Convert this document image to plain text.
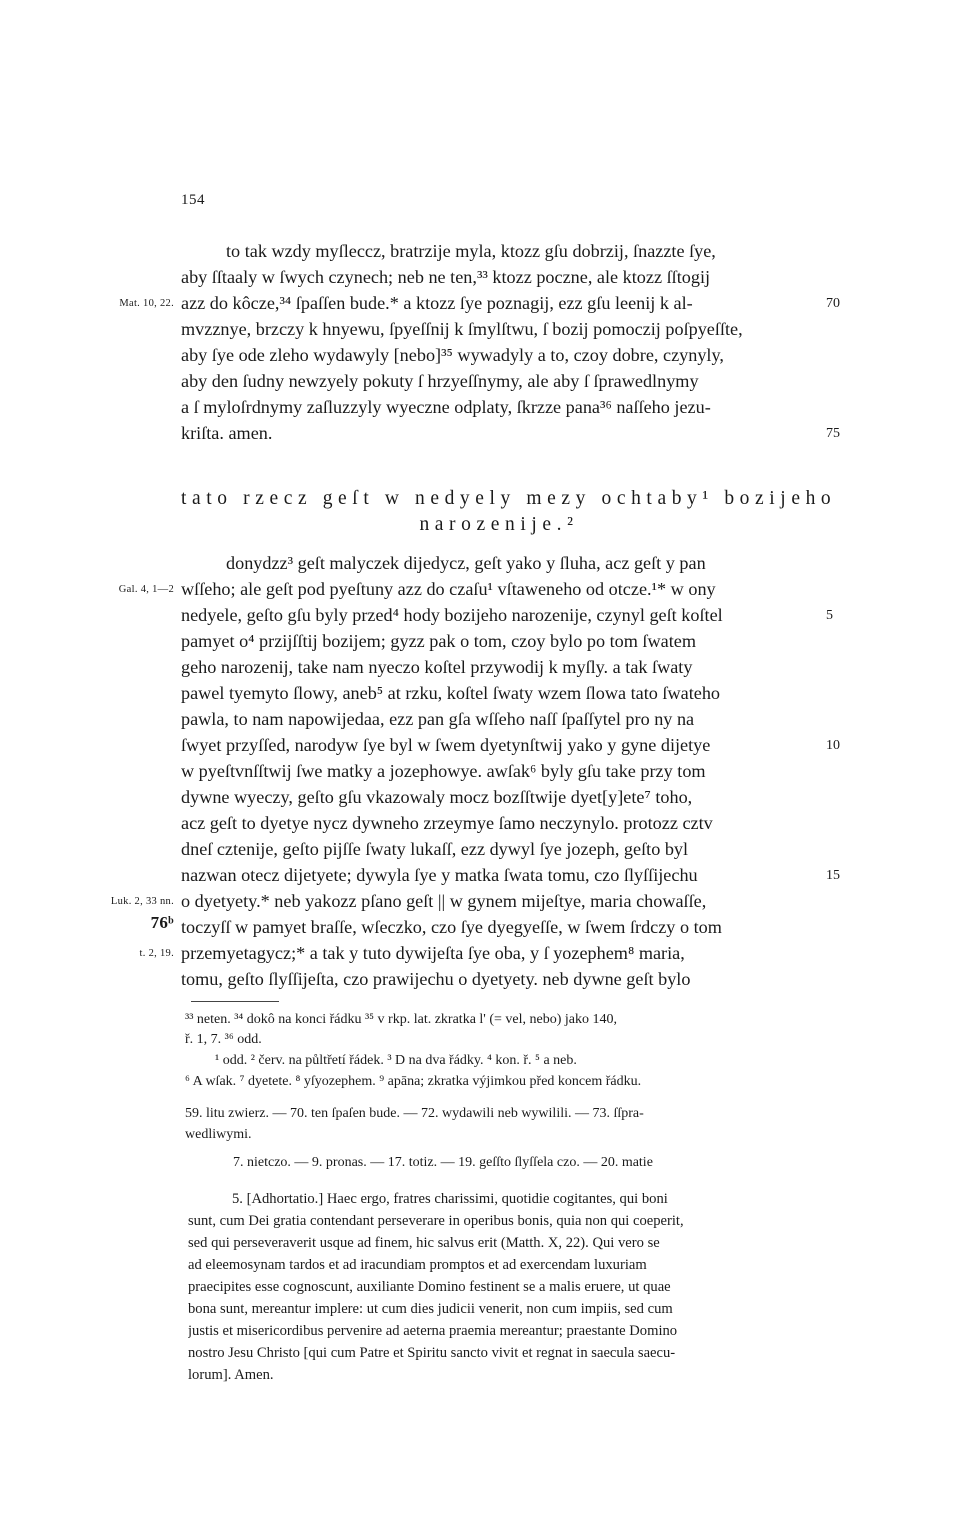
154
to tak wzdy myſleccz, bratrzije myla, ktozz gſu dobrzij, ſnazzte ſye,
aby ſſtaaly w ſwych czynech; neb ne ten,³³ ktozz poczne, ale ktozz ſſtogij
azz do kôcze,³⁴ ſpaſſen bude.* a ktozz ſye poznagij, ezz gſu leenij k al-
mvzznye, brzczy k hnyewu, ſpyeſſnij k ſmylſtwu, ſ bozij pomoczij poſpyeſſte,
aby ſye ode zleho wydawyly [nebo]³⁵ wywadyly a to, czoy dobre, czynyly,
aby den ſudny newzyely pokuty ſ hrzyeſſnymy, ale aby ſ ſprawedlnymy
a ſ myloſrdnymy zaſluzzyly wyeczne odplaty, ſkrzze pana³⁶ naſſeho jezu-
kriſta. amen.
Mat. 10, 22.	70
75
tato rzecz geſt w nedyely mezy ochtaby¹ bozijeho
narozenije.²
donydzz³ geſt malyczek dijedycz, geſt yako y ſluha, acz geſt y pan
wſſeho; ale geſt pod pyeſtuny azz do czaſu¹ vſtaweneho od otcze.¹* w ony
nedyele, geſto gſu byly przed⁴ hody bozijeho narozenije, czynyl geſt koſtel
pamyet o⁴ przijſſtij bozijem; gyzz pak o tom, czoy bylo po tom ſwatem
geho narozenij, take nam nyeczo koſtel przywodij k myſly. a tak ſwaty
pawel tyemyto ſlowy, aneb⁵ at rzku, koſtel ſwaty wzem ſlowa tato ſwateho
pawla, to nam napowijedaa, ezz pan gſa wſſeho naſſ ſpaſſytel pro ny na
ſwyet przyſſed, narodyw ſye byl w ſwem dyetynſtwij yako y gyne dijetye
w pyeſtvnſſtwij ſwe matky a jozephowye. awſak⁶ byly gſu take przy tom
dywne wyeczy, geſto gſu vkazowaly mocz bozſſtwije dyet[y]ete⁷ toho,
acz geſt to dyetye nycz dywneho zrzeymye ſamo neczynylo. protozz cztv
dneſ cztenije, geſto pijſſe ſwaty lukaſſ, ezz dywyl ſye jozeph, geſto byl
nazwan otecz dijetyete; dywyla ſye y matka ſwata tomu, czo ſlyſſijechu
o dyetyety.* neb yakozz pſano geſt || w gynem mijeſtye, maria chowaſſe,
toczyſſ w pamyet braſſe, wſeczko, czo ſye dyegyeſſe, w ſwem ſrdczy o tom
przemyetagycz;* a tak y tuto dywijeſta ſye oba, y ſ yozephem⁸ maria,
tomu, geſto ſlyſſijeſta, czo prawijechu o dyetyety. neb dywne geſt bylo
Gal. 4, 1—2
Luk. 2, 33 nn.
76ᵇ
t. 2, 19.
5
10
15
³³ neten. ³⁴ dokô na konci řádku ³⁵ v rkp. lat. zkratka l' (= vel, nebo) jako 140,
ř. 1, 7. ³⁶ odd.
¹ odd. ² červ. na půltřetí řádek. ³ D na dva řádky. ⁴ kon. ř. ⁵ a neb.
⁶ A wſak. ⁷ dyetete. ⁸ yſyozephem. ⁹ apāna; zkratka výjimkou před koncem řádku.
59. litu zwierz. — 70. ten ſpaſen bude. — 72. wydawili neb wywilili. — 73. ſſpra-
wedliwymi.
7. nietczo. — 9. pronas. — 17. totiz. — 19. geſſto ſlyſſela czo. — 20. matie
5. [Adhortatio.] Haec ergo, fratres charissimi, quotidie cogitantes, qui boni
sunt, cum Dei gratia contendant perseverare in operibus bonis, quia non qui coeperit,
sed qui perseveraverit usque ad finem, hic salvus erit (Matth. X, 22). Qui vero se
ad eleemosynam tardos et ad iracundiam promptos et ad exercendam luxuriam
praecipites esse cognoscunt, auxiliante Domino festinent se a malis eruere, ut quae
bona sunt, mereantur implere: ut cum dies judicii venerit, non cum impiis, sed cum
justis et misericordibus pervenire ad aeterna praemia mereantur; praestante Domino
nostro Jesu Christo [qui cum Patre et Spiritu sancto vivit et regnat in saecula saecu-
lorum]. Amen.
